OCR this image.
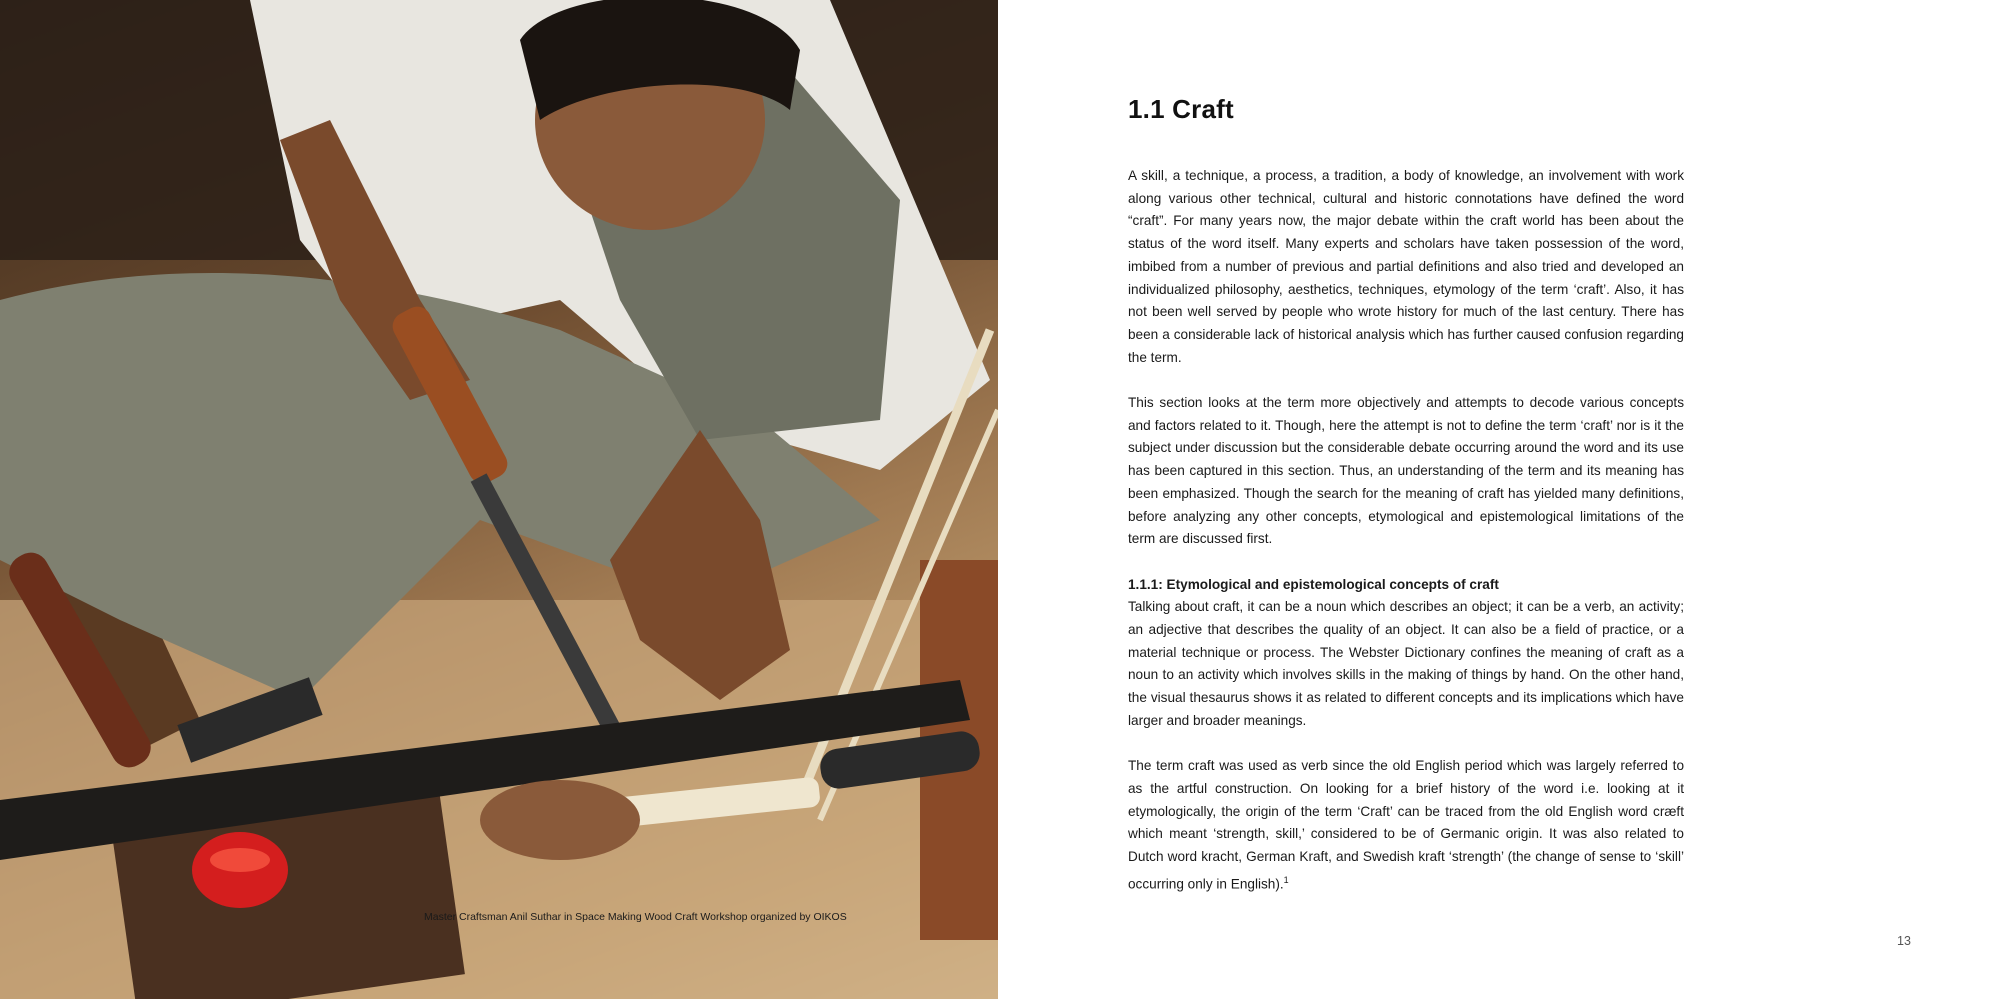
Master Craftsman Anil Suthar in Space Making Wood Craft Workshop organized by OIKOS
1.1 Craft

A skill, a technique, a process, a tradition, a body of knowledge, an involvement with work along various other technical, cultural and historic connotations have defined the word “craft”. For many years now, the major debate within the craft world has been about the status of the word itself. Many experts and scholars have taken possession of the word, imbibed from a number of previous and partial definitions and also tried and developed an individualized philosophy, aesthetics, techniques, etymology of the term ‘craft’. Also, it has not been well served by people who wrote history for much of the last century. There has been a considerable lack of historical analysis which has further caused confusion regarding the term.

This section looks at the term more objectively and attempts to decode various concepts and factors related to it. Though, here the attempt is not to define the term ‘craft’ nor is it the subject under discussion but the considerable debate occurring around the word and its use has been captured in this section. Thus, an understanding of the term and its meaning has been emphasized. Though the search for the meaning of craft has yielded many definitions, before analyzing any other concepts, etymological and epistemological limitations of the term are discussed first.

1.1.1: Etymological and epistemological concepts of craft

Talking about craft, it can be a noun which describes an object; it can be a verb, an activity; an adjective that describes the quality of an object. It can also be a field of practice, or a material technique or process. The Webster Dictionary confines the meaning of craft as a noun to an activity which involves skills in the making of things by hand. On the other hand, the visual thesaurus shows it as related to different concepts and its implications which have larger and broader meanings.

The term craft was used as verb since the old English period which was largely referred to as the artful construction. On looking for a brief history of the word i.e. looking at it etymologically, the origin of the term ‘Craft’ can be traced from the old English word cræft which meant ‘strength, skill,’ considered to be of Germanic origin. It was also related to Dutch word kracht, German Kraft, and Swedish kraft ‘strength’ (the change of sense to ‘skill’ occurring only in English).$^1$

13
